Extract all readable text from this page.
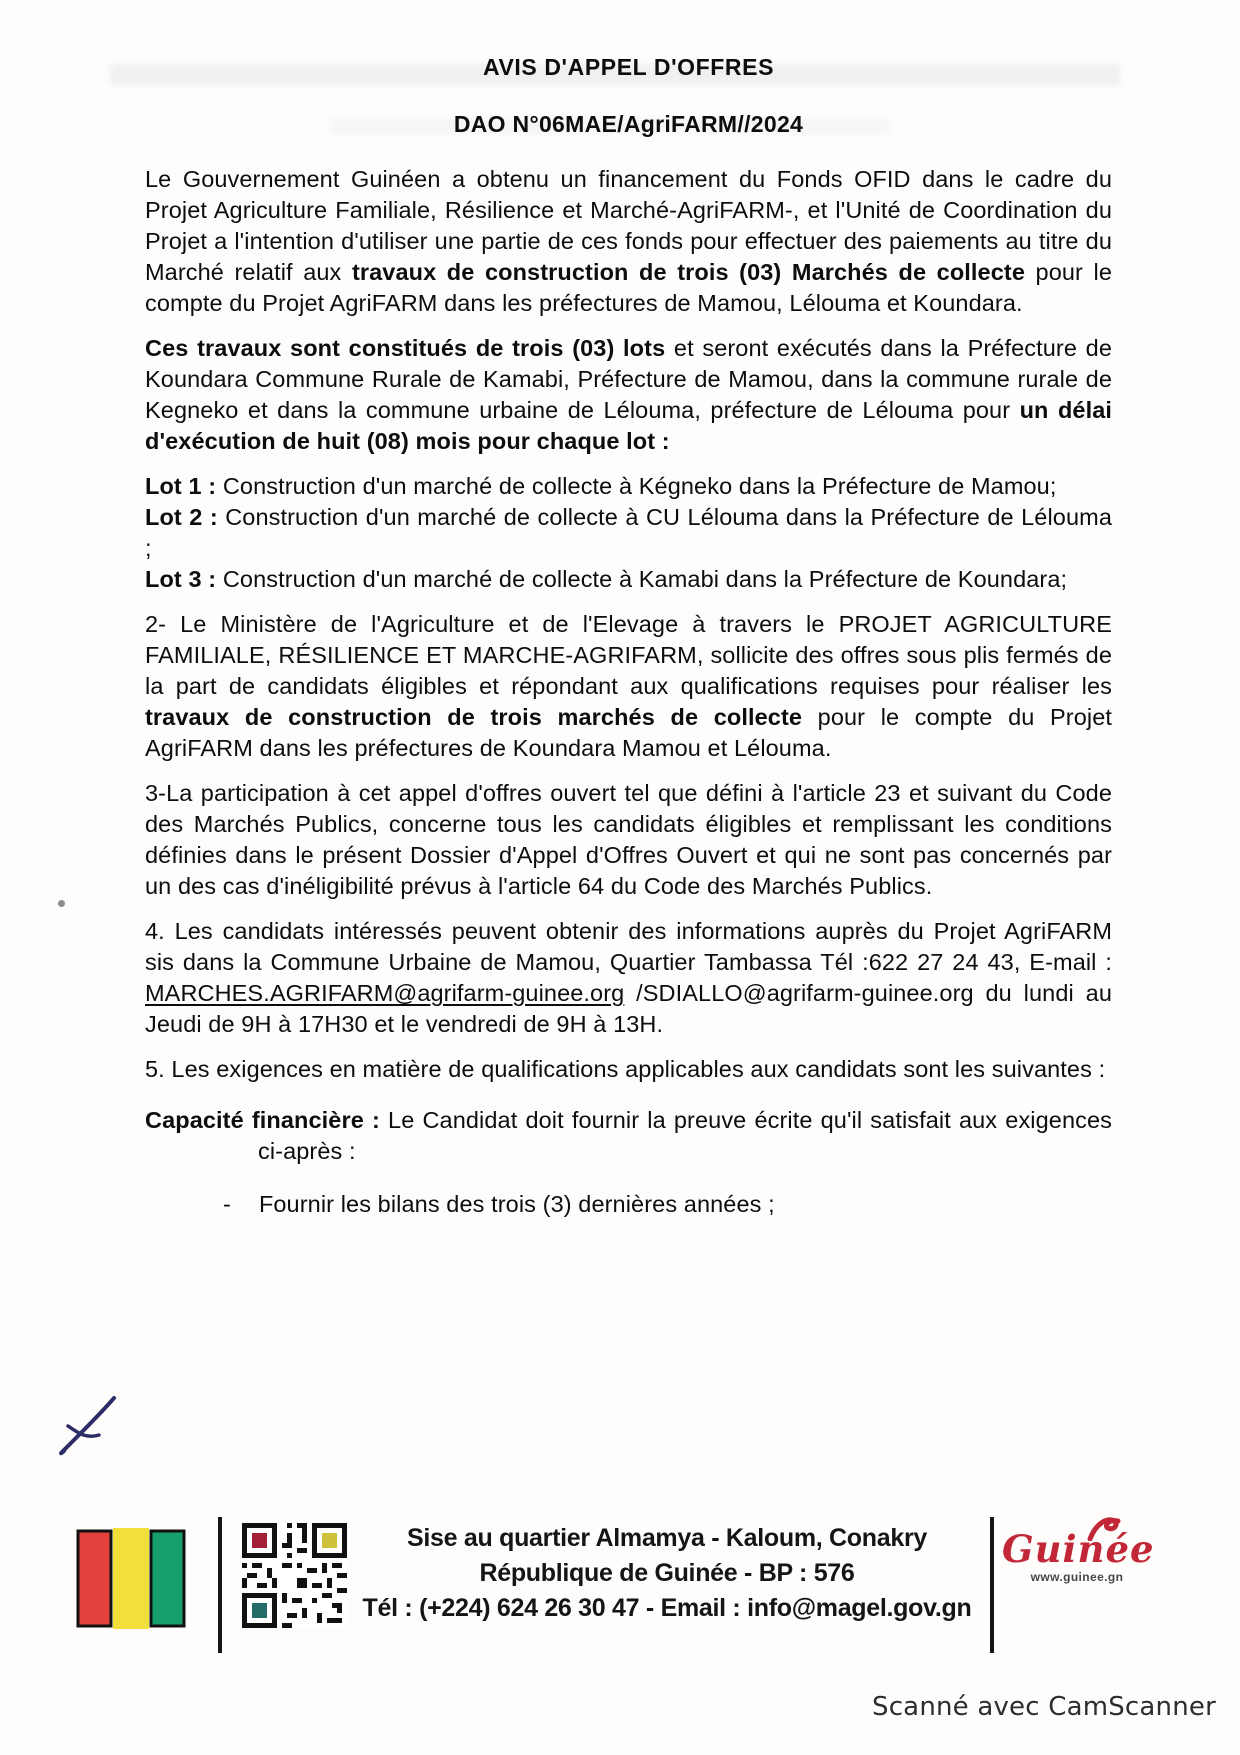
AVIS D'APPEL D'OFFRES
DAO N°06MAE/AgriFARM//2024

Le Gouvernement Guinéen a obtenu un financement du Fonds OFID dans le cadre du Projet Agriculture Familiale, Résilience et Marché-AgriFARM-, et l'Unité de Coordination du Projet a l'intention d'utiliser une partie de ces fonds pour effectuer des paiements au titre du Marché relatif aux travaux de construction de trois (03) Marchés de collecte pour le compte du Projet AgriFARM dans les préfectures de Mamou, Lélouma et Koundara.

Ces travaux sont constitués de trois (03) lots et seront exécutés dans la Préfecture de Koundara Commune Rurale de Kamabi, Préfecture de Mamou, dans la commune rurale de Kegneko et dans la commune urbaine de Lélouma, préfecture de Lélouma pour un délai d'exécution de huit (08) mois pour chaque lot :

Lot 1 : Construction d'un marché de collecte à Kégneko dans la Préfecture de Mamou;

Lot 2 : Construction d'un marché de collecte à CU Lélouma dans la Préfecture de Lélouma ;

Lot 3 : Construction d'un marché de collecte à Kamabi dans la Préfecture de Koundara;

2- Le Ministère de l'Agriculture et de l'Elevage à travers le PROJET AGRICULTURE FAMILIALE, RÉSILIENCE ET MARCHE-AGRIFARM, sollicite des offres sous plis fermés de la part de candidats éligibles et répondant aux qualifications requises pour réaliser les travaux de construction de trois marchés de collecte pour le compte du Projet AgriFARM dans les préfectures de Koundara Mamou et Lélouma.

3-La participation à cet appel d'offres ouvert tel que défini à l'article 23 et suivant du Code des Marchés Publics, concerne tous les candidats éligibles et remplissant les conditions définies dans le présent Dossier d'Appel d'Offres Ouvert et qui ne sont pas concernés par un des cas d'inéligibilité prévus à l'article 64 du Code des Marchés Publics.

4. Les candidats intéressés peuvent obtenir des informations auprès du Projet AgriFARM sis dans la Commune Urbaine de Mamou, Quartier Tambassa Tél :622 27 24 43, E-mail : MARCHES.AGRIFARM@agrifarm-guinee.org /SDIALLO@agrifarm-guinee.org du lundi au Jeudi de 9H à 17H30 et le vendredi de 9H à 13H.

5. Les exigences en matière de qualifications applicables aux candidats sont les suivantes :

Capacité financière : Le Candidat doit fournir la preuve écrite qu'il satisfait aux exigences ci-après :

- Fournir les bilans des trois (3) dernières années ;
Sise au quartier Almamya - Kaloum, Conakry
République de Guinée - BP : 576
Tél : (+224) 624 26 30 47 - Email : info@magel.gov.gn
Guinée
www.guinee.gn
Scanné avec CamScanner
